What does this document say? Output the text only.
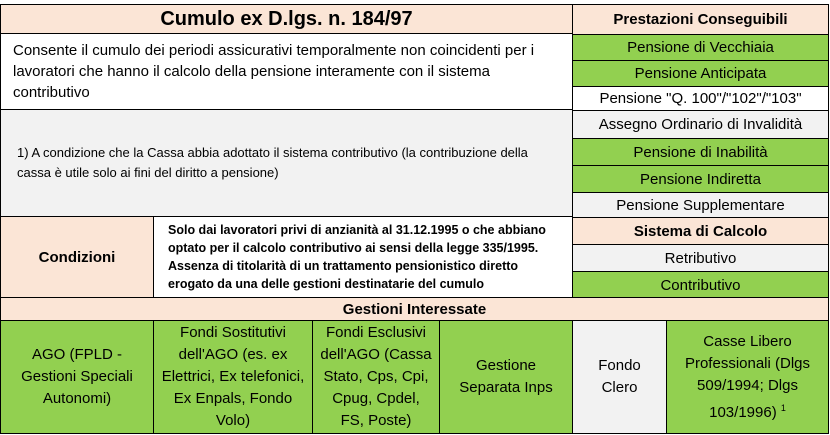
Cumulo ex D.lgs. n. 184/97	Prestazioni Conseguibili
Consente il cumulo dei periodi assicurativi temporalmente non coincidenti per i lavoratori che hanno il calcolo della pensione interamente con il sistema contributivo
Pensione di Vecchiaia
Pensione Anticipata
Pensione "Q. 100"/"102"/"103"
Assegno Ordinario di Invalidità
Pensione di Inabilità
Pensione Indiretta
Pensione Supplementare
1) A condizione che la Cassa abbia adottato il sistema contributivo (la contribuzione della cassa è utile solo ai fini del diritto a pensione)
Condizioni
Solo dai lavoratori privi di anzianità al 31.12.1995 o che abbiano optato per il calcolo contributivo ai sensi della legge 335/1995. Assenza di titolarità di un trattamento pensionistico diretto erogato da una delle gestioni destinatarie del cumulo
Sistema di Calcolo
Retributivo
Contributivo
Gestioni Interessate
AGO (FPLD - Gestioni Speciali Autonomi)
Fondi Sostitutivi dell'AGO (es. ex Elettrici, Ex telefonici, Ex Enpals, Fondo Volo)
Fondi Esclusivi dell'AGO (Cassa Stato, Cps, Cpi, Cpug, Cpdel, FS, Poste)
Gestione Separata Inps
Fondo Clero
Casse Libero Professionali (Dlgs 509/1994; Dlgs 103/1996) $^1$
